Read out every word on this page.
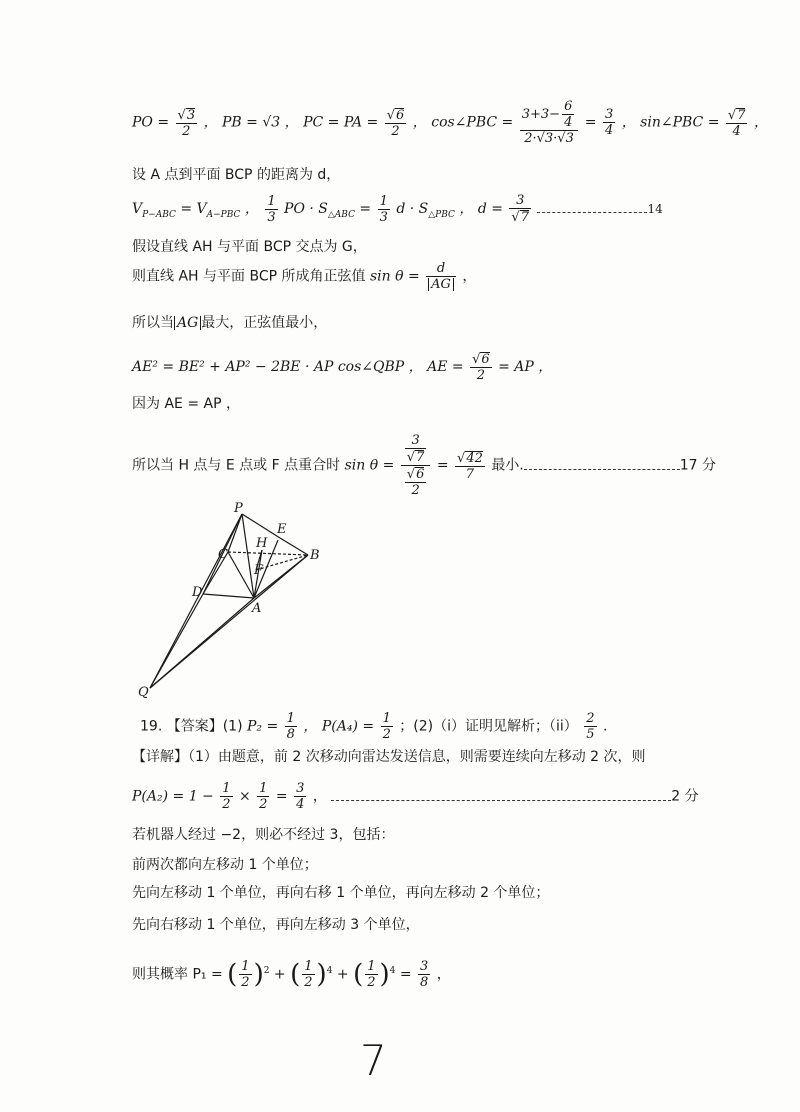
PO = √ $\frac{3}{2}$ ， PB = √3 ， PC = PA = √ $\frac{6}{2}$ ， cos∠PBC = $\frac{3+3- \frac{6}{4}}{2\cdot√3\cdot√3} = \frac{3}{4}$ ， sin∠PBC = √ $\frac{7}{4}$ ，
设 A 点到平面 BCP 的距离为 d，
$V_{P-ABC} = V_{A-PBC}$ ， $\frac{1}{3}$ PO · $S_{\triangle ABC} = \frac{1}{3}$ $d \cdot S_{\triangle PBC}$ ， d = 3
√ 7	14
假设直线 AH 与平面 BCP 交点为 G，
则直线 AH 与平面 BCP 所成角正弦值 $\sin \theta = \frac{d}{AG}$ ，
所以当 AG 最大，正弦值最小，
AE² = BE² + AP² − 2BE · AP cos∠QBP ， AE = √ $\frac{6}{2}$ = AP ，
因为 AE = AP ，
所以当 H 点与 E 点或 F 点重合时 sin θ = 3
√ 7
√ $\frac{6}{2}$ = √ $\frac{42}{7}$ 最小.	17 分
P
E
H
B
C
F
D
A
Q
19. 【答案】(1) $P_2 = \frac{1}{8}$ ， $P(A_4) = \frac{1}{2}$ ；(2)（i）证明见解析；$(ii) \frac{2}{5}$ .
【详解】（1）由题意，前 2 次移动向雷达发送信息，则需要连续向左移动 2 次，则
$P(A_2) = 1 - \frac{1}{2} \times \frac{1}{2} = \frac{3}{4}$ ，	2 分
若机器人经过 −2，则必不经过 3，包括：
前两次都向左移动 1 个单位；
先向左移动 1 个单位，再向右移 1 个单位，再向左移动 2 个单位；
先向右移动 1 个单位，再向左移动 3 个单位，
则其概率 P₁ = ( $\frac{1}{2} )^2$ + ( $\frac{1}{2} )^4$ + ( $\frac{1}{2} )^4 = \frac{3}{8}$ ，
7
